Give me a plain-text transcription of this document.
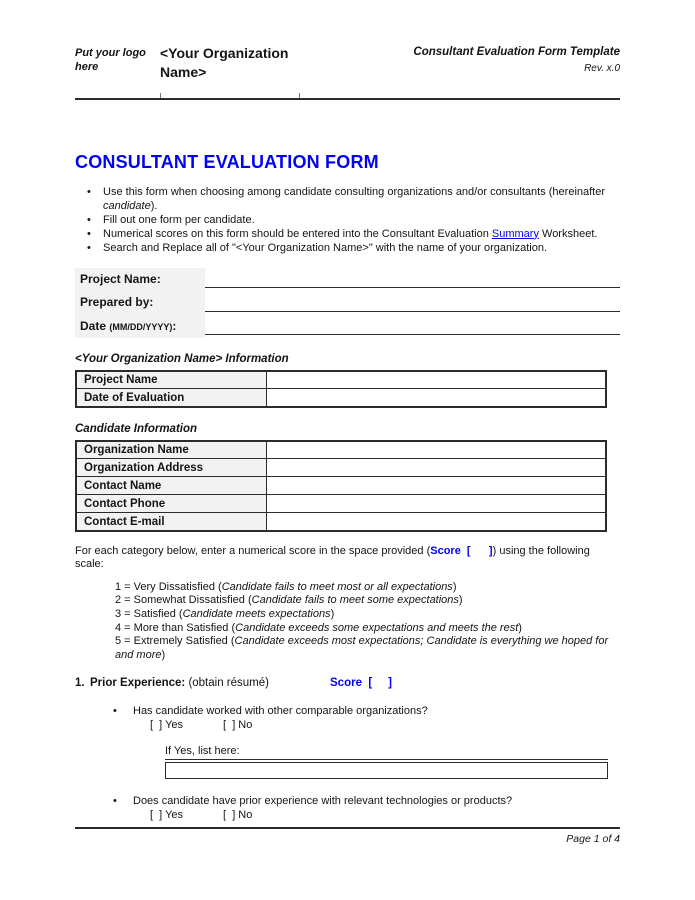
Put your logo here
<Your Organization Name>
Consultant Evaluation Form Template
Rev. x.0
CONSULTANT EVALUATION FORM
• Use this form when choosing among candidate consulting organizations and/or consultants (hereinafter candidate).
• Fill out one form per candidate.
• Numerical scores on this form should be entered into the Consultant Evaluation Summary Worksheet.
• Search and Replace all of "<Your Organization Name>" with the name of your organization.
Project Name:
Prepared by:
Date (MM/DD/YYYY):
<Your Organization Name> Information
Project Name	
Date of Evaluation	
Candidate Information
Organization Name	
Organization Address	
Contact Name	
Contact Phone	
Contact E-mail	
For each category below, enter a numerical score in the space provided (Score  [      ]) using the following scale:
1 = Very Dissatisfied (Candidate fails to meet most or all expectations)
2 = Somewhat Dissatisfied (Candidate fails to meet some expectations)
3 = Satisfied (Candidate meets expectations)
4 = More than Satisfied (Candidate exceeds some expectations and meets the rest)
5 = Extremely Satisfied (Candidate exceeds most expectations; Candidate is everything we hoped for and more)
1. Prior Experience: (obtain résumé)	Score  [     ]
• Has candidate worked with other comparable organizations?
[  ] Yes	[  ] No
If Yes, list here:
• Does candidate have prior experience with relevant technologies or products?
[  ] Yes	[  ] No
Page 1 of 4
